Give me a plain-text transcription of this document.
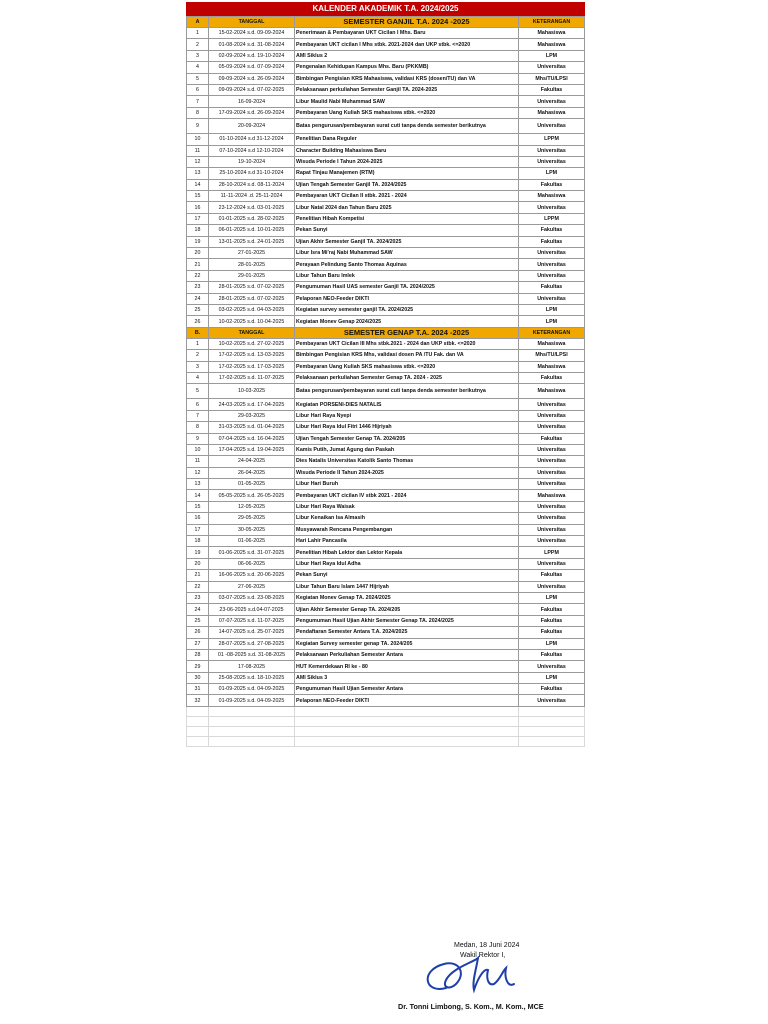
KALENDER AKADEMIK T.A. 2024/2025
A	TANGGAL	SEMESTER GANJIL T.A. 2024 -2025	KETERANGAN
1	15-02-2024 s.d. 09-09-2024	Penerimaan & Pembayaran UKT Cicilan I Mhs. Baru	Mahasiswa
2	01-08-2024 s.d. 31-08-2024	Pembayaran UKT cicilan I Mhs stbk. 2021-2024 dan UKP stbk. <=2020	Mahasiswa
3	02-09-2024 s.d. 19-10-2024	AMI Siklus 2	LPM
4	05-09-2024 s.d. 07-09-2024	Pengenalan Kehidupan Kampus Mhs. Baru (PKKMB)	Universitas
5	09-09-2024 s.d. 26-09-2024	Bimbingan Pengisian KRS Mahasiswa, validasi KRS (dosen/TU) dan VA	Mhs/TU/LPSI
6	09-09-2024 s.d. 07-02-2025	Pelaksanaan perkuliahan Semester Ganjil TA. 2024-2025	Fakultas
7	16-09-2024	Libur Maulid Nabi Muhammad SAW	Universitas
8	17-09-2024 s.d. 26-09-2024	Pembayaran Uang Kuliah SKS mahasiswa stbk. <=2020	Mahasiswa
9	20-09-2024	Batas pengurusan/pembayaran surat cuti tanpa denda semester berikutnya	Universitas
10	01-10-2024 s.d 31-12-2024	Penelitian Dana Reguler	LPPM
11	07-10-2024 s.d 12-10-2024	Character Building Mahasiswa Baru	Universitas
12	19-10-2024	Wisuda Periode I Tahun 2024-2025	Universitas
13	25-10-2024 s.d 31-10-2024	Rapat Tinjau Manajemen (RTM)	LPM
14	28-10-2024 s.d. 08-11-2024	Ujian Tengah Semester Ganjil TA. 2024/2025	Fakultas
15	11-11-2024 .d. 25-11-2024	Pembayaran UKT Cicilan II stbk. 2021 - 2024	Mahasiswa
16	23-12-2024 s.d. 03-01-2025	Libur Natal 2024 dan Tahun Baru 2025	Universitas
17	01-01-2025 s.d. 28-02-2025	Penelitian Hibah Kompetisi	LPPM
18	06-01-2025 s.d. 10-01-2025	Pekan Sunyi	Fakultas
19	13-01-2025 s.d. 24-01-2025	Ujian Akhir Semester Ganjil TA. 2024/2025	Fakultas
20	27-01-2025	Libur Isra Mi'raj Nabi Muhammad SAW	Universitas
21	28-01-2025	Perayaan Pelindung Santo Thomas Aquinas	Universitas
22	29-01-2025	Libur Tahun Baru Imlek	Universitas
23	28-01-2025 s.d. 07-02-2025	Pengumuman Hasil UAS semester Ganjil TA. 2024/2025	Fakultas
24	28-01-2025 s.d. 07-02-2025	Pelaporan NEO-Feeder DIKTI	Universitas
25	03-02-2025 s.d. 04-03-2025	Kegiatan survey semester ganjil TA. 2024/2025	LPM
26	10-02-2025 s.d. 10-04-2025	Kegiatan Monev Genap 2024/2025	LPM
B.	TANGGAL	SEMESTER GENAP T.A. 2024 -2025	KETERANGAN
1	10-02-2025 s.d. 27-02-2025	Pembayaran UKT Cicilan III Mhs stbk.2021 - 2024 dan UKP stbk. <=2020	Mahasiswa
2	17-02-2025 s.d. 13-03-2025	Bimbingan Pengisian KRS Mhs, validasi dosen PA /TU Fak. dan VA	Mhs/TU/LPSI
3	17-02-2025 s.d. 17-03-2025	Pembayaran Uang Kuliah SKS mahasiswa stbk. <=2020	Mahasiswa
4	17-02-2025 s.d. 11-07-2025	Pelaksanaan perkuliahan Semester Genap TA. 2024 - 2025	Fakultas
5	10-03-2025	Batas pengurusan/pembayaran surat cuti tanpa denda semester berikutnya	Mahasiswa
6	24-03-2025 s.d. 17-04-2025	Kegiatan PORSENI-DIES NATALIS	Universitas
7	29-03-2025	Libur Hari Raya Nyepi	Universitas
8	31-03-2025 s.d. 01-04-2025	Libur Hari Raya Idul Fitri 1446 Hijriyah	Universitas
9	07-04-2025 s.d. 16-04-2025	Ujian Tengah Semester Genap TA. 2024/205	Fakultas
10	17-04-2025 s.d. 19-04-2025	Kamis Putih, Jumat Agung dan Paskah	Universitas
11	24-04-2025	Dies Natalis Universitas Katolik Santo Thomas	Universitas
12	26-04-2025	Wisuda Periode II Tahun 2024-2025	Universitas
13	01-05-2025	Libur Hari Buruh	Universitas
14	05-05-2025 s.d. 26-05-2025	Pembayaran UKT cicilan IV stbk 2021 - 2024	Mahasiswa
15	12-05-2025	Libur Hari Raya Waisak	Universitas
16	29-05-2025	Libur Kenaikan Isa Almasih	Universitas
17	30-05-2025	Musyawarah Rencana Pengembangan	Universitas
18	01-06-2025	Hari Lahir Pancasila	Universitas
19	01-06-2025 s.d. 31-07-2025	Penelitian Hibah Lektor dan Lektor Kepala	LPPM
20	06-06-2025	Libur Hari Raya Idul Adha	Universitas
21	16-06-2025 s.d. 20-06-2025	Pekan Sunyi	Fakultas
22	27-06-2025	Libur Tahun Baru Islam 1447 Hijriyah	Universitas
23	03-07-2025 s.d. 23-08-2025	Kegiatan Monev Genap TA. 2024/2025	LPM
24	23-06-2025 s.d.04-07-2025	Ujian Akhir Semester Genap TA. 2024/205	Fakultas
25	07-07-2025 s.d. 11-07-2025	Pengumuman Hasil Ujian Akhir Semester Genap TA. 2024/2025	Fakultas
26	14-07-2025 s.d. 25-07-2025	Pendaftaran Semester Antara T.A. 2024/2025	Fakultas
27	28-07-2025 s.d. 27-08-2025	Kegiatan Survey semester genap TA. 2024/205	LPM
28	01 -08-2025 s.d. 31-08-2025	Pelaksanaan Perkuliahan Semester Antara	Fakultas
29	17-08-2025	HUT Kemerdekaan RI ke - 80	Universitas
30	25-08-2025 s.d. 18-10-2025	AMI Siklus 3	LPM
31	01-09-2025 s.d. 04-09-2025	Pengumuman Hasil Ujian Semester Antara	Fakultas
32	01-09-2025 s.d. 04-09-2025	Pelaporan NEO-Feeder DIKTI	Universitas

Medan, 18 Juni 2024
Wakil Rektor I,
Dr. Tonni Limbong, S. Kom., M. Kom., MCE
